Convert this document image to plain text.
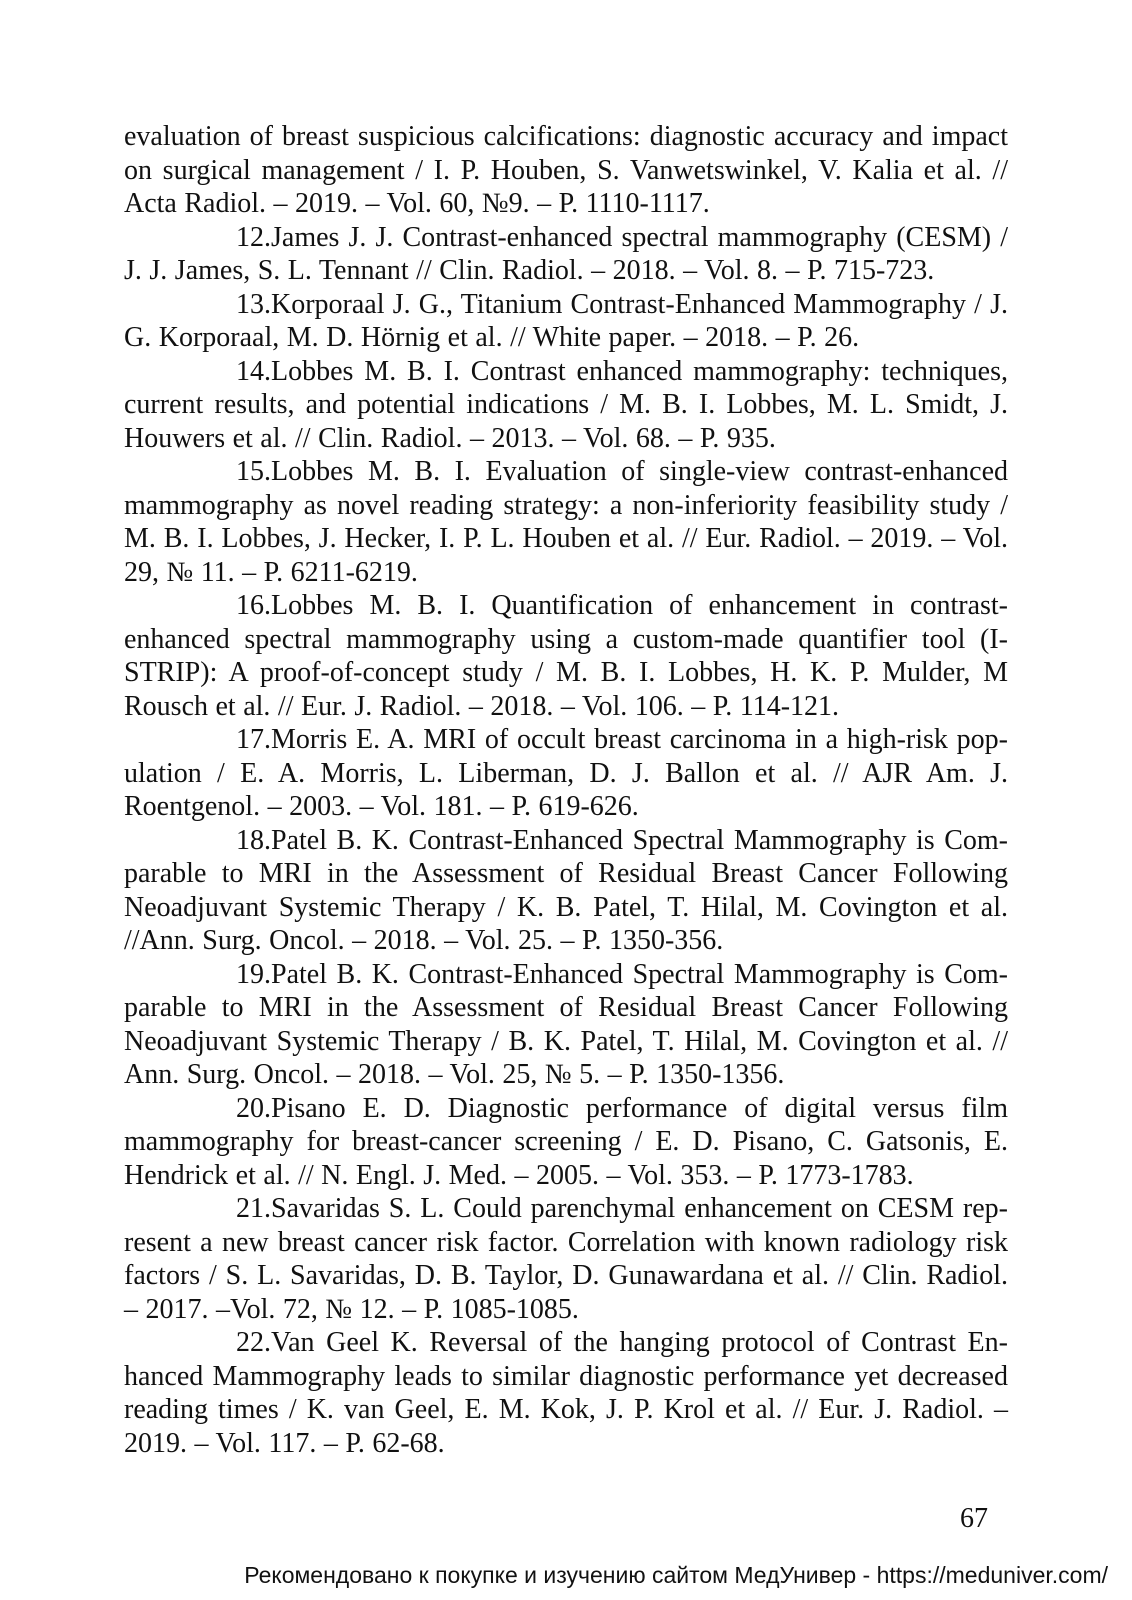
evaluation of breast suspicious calcifications: diagnostic accuracy and impact on surgical management / I. P. Houben, S. Vanwetswinkel, V. Kalia et al. // Acta Radiol. – 2019. – Vol. 60, №9. – P. 1110-1117.

12.James J. J. Contrast-enhanced spectral mammography (CESM) / J. J. James, S. L. Tennant // Clin. Radiol. – 2018. – Vol. 8. – P. 715-723.

13.Korporaal J. G., Titanium Contrast-Enhanced Mammography / J. G. Korporaal, M. D. Hörnig et al. // White paper. – 2018. – P. 26.

14.Lobbes M. B. I. Contrast enhanced mammography: techniques, current results, and potential indications / M. B. I. Lobbes, M. L. Smidt, J. Houwers et al. // Clin. Radiol. – 2013. – Vol. 68. – P. 935.

15.Lobbes M. B. I. Evaluation of single-view contrast-enhanced mammography as novel reading strategy: a non-inferiority feasibility study / M. B. I. Lobbes, J. Hecker, I. P. L. Houben et al. // Eur. Radiol. – 2019. – Vol. 29, № 11. – P. 6211-6219.

16.Lobbes M. B. I. Quantification of enhancement in contrast-enhanced spectral mammography using a custom-made quantifier tool (I-STRIP): A proof-of-concept study / M. B. I. Lobbes, H. K. P. Mulder, M Rousch et al. // Eur. J. Radiol. – 2018. – Vol. 106. – P. 114-121.

17.Morris E. A. MRI of occult breast carcinoma in a high-risk population / E. A. Morris, L. Liberman, D. J. Ballon et al. // AJR Am. J. Roentgenol. – 2003. – Vol. 181. – P. 619-626.

18.Patel B. K. Contrast-Enhanced Spectral Mammography is Comparable to MRI in the Assessment of Residual Breast Cancer Following Neoadjuvant Systemic Therapy / K. B. Patel, T. Hilal, M. Covington et al. //Ann. Surg. Oncol. – 2018. – Vol. 25. – P. 1350-356.

19.Patel B. K. Contrast-Enhanced Spectral Mammography is Comparable to MRI in the Assessment of Residual Breast Cancer Following Neoadjuvant Systemic Therapy / B. K. Patel, T. Hilal, M. Covington et al. // Ann. Surg. Oncol. – 2018. – Vol. 25, № 5. – P. 1350-1356.

20.Pisano E. D. Diagnostic performance of digital versus film mammography for breast-cancer screening / E. D. Pisano, C. Gatsonis, E. Hendrick et al. // N. Engl. J. Med. – 2005. – Vol. 353. – P. 1773-1783.

21.Savaridas S. L. Could parenchymal enhancement on CESM represent a new breast cancer risk factor. Correlation with known radiology risk factors / S. L. Savaridas, D. B. Taylor, D. Gunawardana et al. // Clin. Radiol. – 2017. –Vol. 72, № 12. – P. 1085-1085.

22.Van Geel K. Reversal of the hanging protocol of Contrast Enhanced Mammography leads to similar diagnostic performance yet decreased reading times / K. van Geel, E. M. Kok, J. P. Krol et al. // Eur. J. Radiol. – 2019. – Vol. 117. – P. 62-68.

67
Рекомендовано к покупке и изучению сайтом МедУнивер - https://meduniver.com/
